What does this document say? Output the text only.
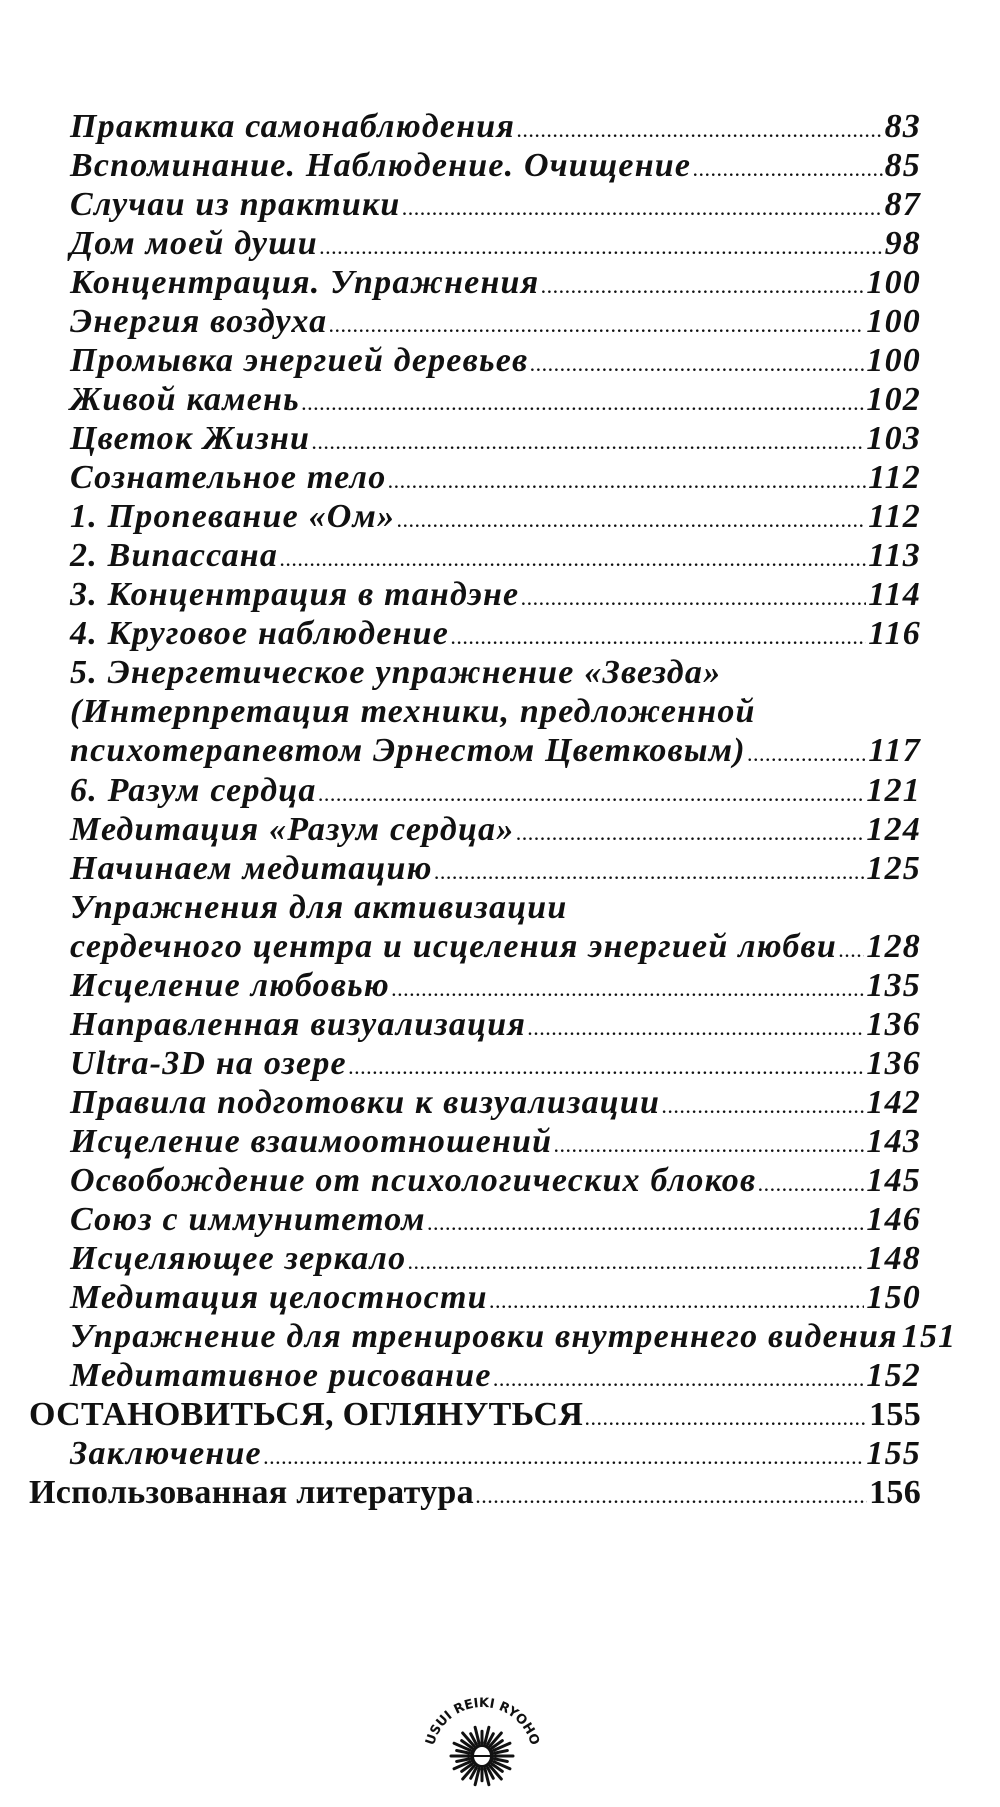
Практика самонаблюдения .....	83
Вспоминание. Наблюдение. Очищение .....	85
Случаи из практики .....	87
Дом моей души .....	98
Концентрация. Упражнения .....	100
Энергия воздуха .....	100
Промывка энергией деревьев .....	100
Живой камень .....	102
Цветок Жизни .....	103
Сознательное тело .....	112
1. Пропевание «Ом» .....	112
2. Випассана .....	113
3. Концентрация в тандэне .....	114
4. Круговое наблюдение .....	116
5. Энергетическое упражнение «Звезда»
(Интерпретация техники, предложенной
психотерапевтом Эрнестом Цветковым) .....	117
6. Разум сердца .....	121
Медитация «Разум сердца» .....	124
Начинаем медитацию .....	125
Упражнения для активизации
сердечного центра и исцеления энергией любви ..... 128
Исцеление любовью .....	135
Направленная визуализация .....	136
Ultra-3D на озере .....	136
Правила подготовки к визуализации .....	142
Исцеление взаимоотношений .....	143
Освобождение от психологических блоков .....	145
Союз с иммунитетом .....	146
Исцеляющее зеркало .....	148
Медитация целостности .....	150
Упражнение для тренировки внутреннего видения 151
Медитативное рисование .....	152
ОСТАНОВИТЬСЯ, ОГЛЯНУТЬСЯ .....	155
Заключение .....	155
Использованная литература .....	156
USUI REIKI RYOHO
